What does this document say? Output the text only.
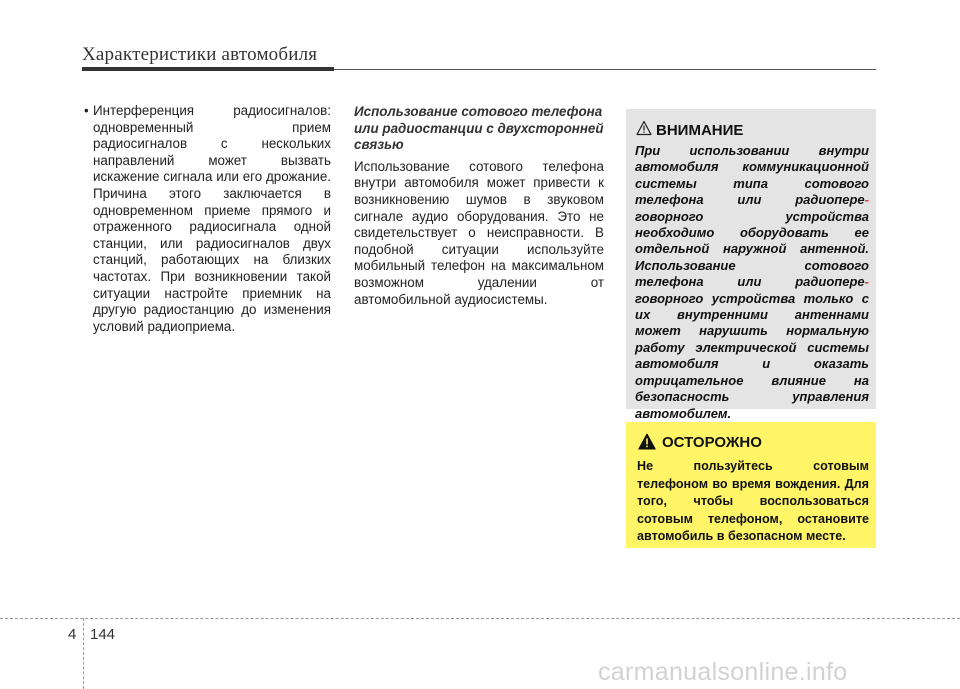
Характеристики автомобиля
• Интерференция радиосигналов: одновременный прием радиосигналов с нескольких направлений может вызвать искажение сигнала или его дрожание. Причина этого заключается в одновременном приеме прямого и отраженного радиосигнала одной станции, или радиосигналов двух станций, работающих на близких частотах. При возникновении такой ситуации настройте приемник на другую радиостанцию до изменения условий радиоприема.
Использование сотового телефона или радиостанции с двухсторонней связью
Использование сотового телефона внутри автомобиля может привести к возникновению шумов в звуковом сигнале аудио оборудования. Это не свидетельствует о неисправности. В подобной ситуации используйте мобильный телефон на максимальном возможном удалении от автомобильной аудиосистемы.
ВНИМАНИЕ
При использовании внутри автомобиля коммуникационной системы типа сотового телефона или радиопере- говорного устройства необходимо оборудовать ее отдельной наружной антенной. Использование сотового телефона или радиопере- говорного устройства только с их внутренними антеннами может нарушить нормальную работу электрической системы автомобиля и оказать отрицательное влияние на безопасность управления автомобилем.
ОСТОРОЖНО
Не пользуйтесь сотовым телефоном во время вождения. Для того, чтобы воспользоваться сотовым телефоном, остановите автомобиль в безопасном месте.
4 144
carmanualsonline.info
